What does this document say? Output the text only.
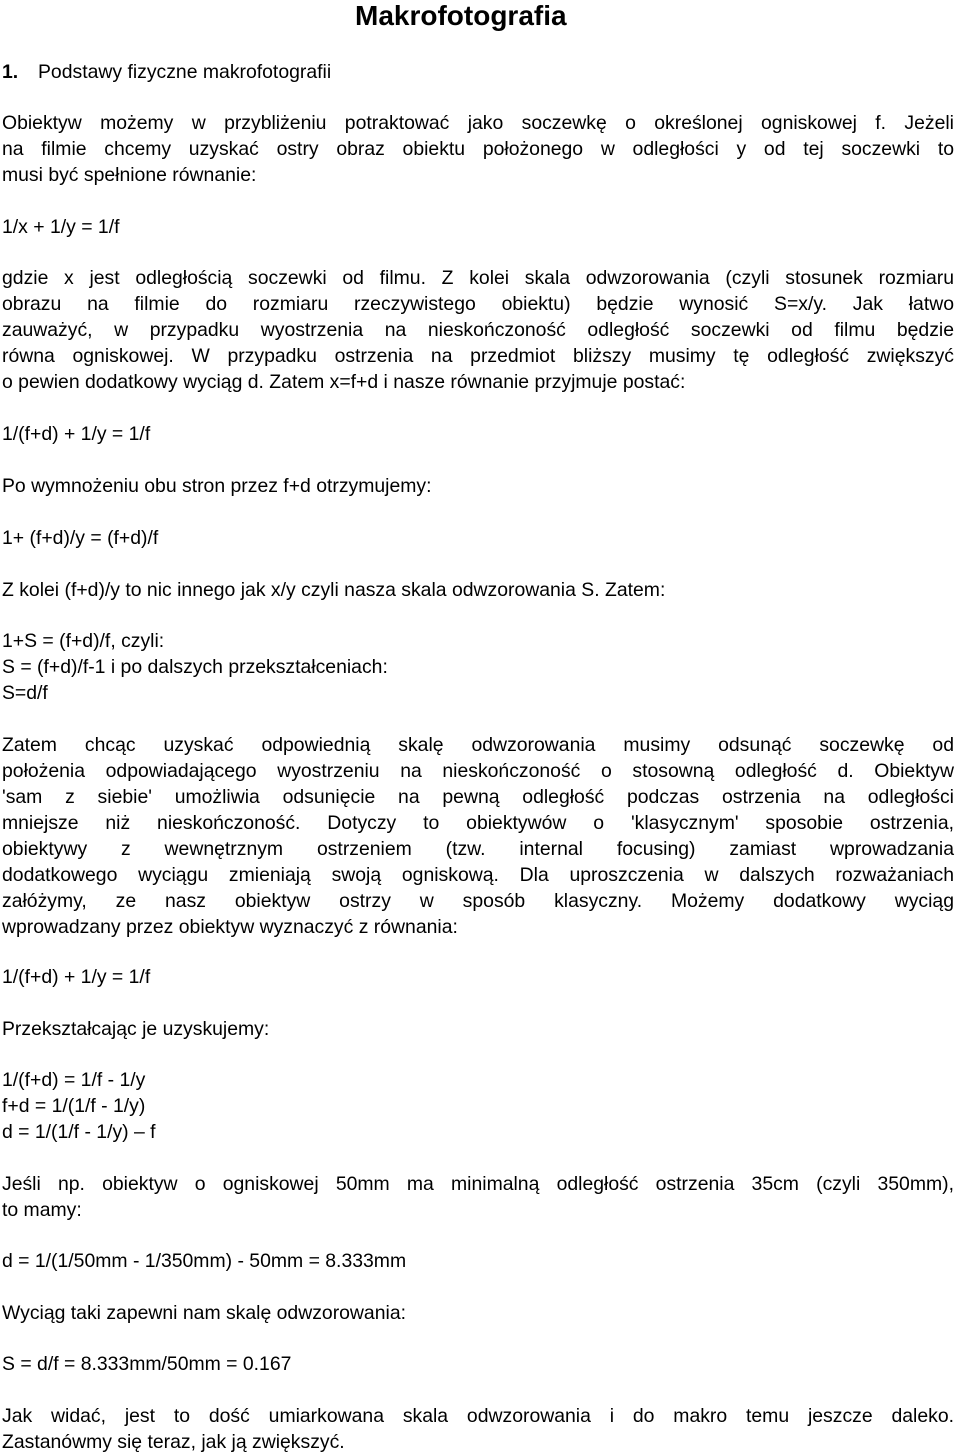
Makrofotografia
1. Podstawy fizyczne makrofotografii
Obiektyw możemy w przybliżeniu potraktować jako soczewkę o określonej ogniskowej f. Jeżeli
na filmie chcemy uzyskać ostry obraz obiektu położonego w odległości y od tej soczewki to
musi być spełnione równanie:
1/x + 1/y = 1/f
gdzie x jest odległością soczewki od filmu. Z kolei skala odwzorowania (czyli stosunek rozmiaru
obrazu na filmie do rozmiaru rzeczywistego obiektu) będzie wynosić S=x/y. Jak łatwo
zauważyć, w przypadku wyostrzenia na nieskończoność odległość soczewki od filmu będzie
równa ogniskowej. W przypadku ostrzenia na przedmiot bliższy musimy tę odległość zwiększyć
o pewien dodatkowy wyciąg d. Zatem x=f+d i nasze równanie przyjmuje postać:
1/(f+d) + 1/y = 1/f
Po wymnożeniu obu stron przez f+d otrzymujemy:
1+ (f+d)/y = (f+d)/f
Z kolei (f+d)/y to nic innego jak x/y czyli nasza skala odwzorowania S. Zatem:
1+S = (f+d)/f, czyli:
S = (f+d)/f-1 i po dalszych przekształceniach:
S=d/f
Zatem chcąc uzyskać odpowiednią skalę odwzorowania musimy odsunąć soczewkę od
położenia odpowiadającego wyostrzeniu na nieskończoność o stosowną odległość d. Obiektyw
'sam z siebie' umożliwia odsunięcie na pewną odległość podczas ostrzenia na odległości
mniejsze niż nieskończoność. Dotyczy to obiektywów o 'klasycznym' sposobie ostrzenia,
obiektywy z wewnętrznym ostrzeniem (tzw. internal focusing) zamiast wprowadzania
dodatkowego wyciągu zmieniają swoją ogniskową. Dla uproszczenia w dalszych rozważaniach
załóżymy, ze nasz obiektyw ostrzy w sposób klasyczny. Możemy dodatkowy wyciąg
wprowadzany przez obiektyw wyznaczyć z równania:
1/(f+d) + 1/y = 1/f
Przekształcając je uzyskujemy:
1/(f+d) = 1/f - 1/y
f+d = 1/(1/f - 1/y)
d = 1/(1/f - 1/y) – f
Jeśli np. obiektyw o ogniskowej 50mm ma minimalną odległość ostrzenia 35cm (czyli 350mm),
to mamy:
d = 1/(1/50mm - 1/350mm) - 50mm = 8.333mm
Wyciąg taki zapewni nam skalę odwzorowania:
S = d/f = 8.333mm/50mm = 0.167
Jak widać, jest to dość umiarkowana skala odwzorowania i do makro temu jeszcze daleko.
Zastanówmy się teraz, jak ją zwiększyć.
